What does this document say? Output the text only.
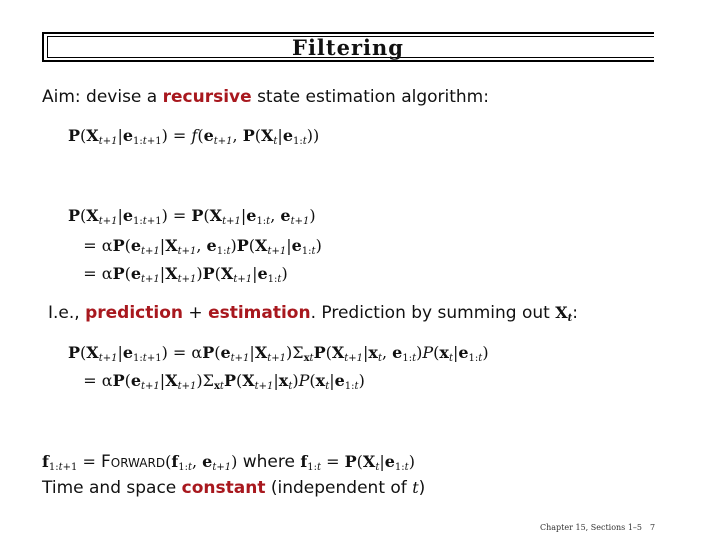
Filtering
Aim: devise a recursive state estimation algorithm:
$P(X_{t+1}|e_{1:t+1}) = f(e_{t+1}$, $P(X_t|e_{1:t})$)
$P(X_{t+1}|e_{1:t+1}) = P(X_{t+1}|e_{1:t}$, $e_{t+1}$)
= $\alpha P(e_{t+1}|X_{t+1}$, $e_{1:t})P(X_{t+1}|e_{1:t})$
= $\alpha P(e_{t+1}|X_{t+1})P(X_{t+1}|e_{1:t})$
I.e., prediction + estimation. Prediction by summing out $X_t$:
$P(X_{t+1}|e_{1:t+1}) = \alpha P(e_{t+1}|X_{t+1})\Sigma_{xt}P(X_{t+1}|x_t$, $e_{1:t})P(x_t|e_{1:t})$
= $\alpha P(e_{t+1}|X_{t+1})\Sigma_{xt}P(X_{t+1}|x_t)P(x_t|e_{1:t})$
$f_{1:t+1}$ = $Forward(f_{1:t}$, $e_{t+1}$) where $f_{1:t} = P(X_t|e_{1:t})$
Time and space constant (independent of t)
Chapter 15, Sections 1–5 7
